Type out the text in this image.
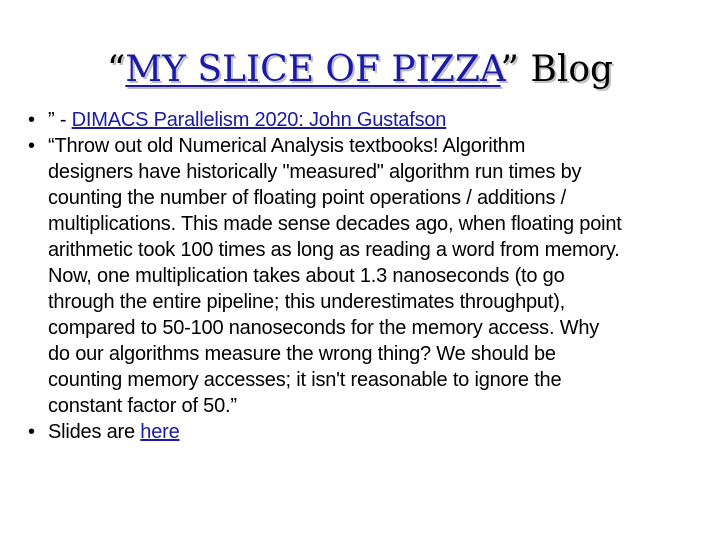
“MY SLICE OF PIZZA” Blog
• ” - DIMACS Parallelism 2020: John Gustafson
• “Throw out old Numerical Analysis textbooks! Algorithm
designers have historically "measured" algorithm run times by
counting the number of floating point operations / additions /
multiplications. This made sense decades ago, when floating point
arithmetic took 100 times as long as reading a word from memory.
Now, one multiplication takes about 1.3 nanoseconds (to go
through the entire pipeline; this underestimates throughput),
compared to 50-100 nanoseconds for the memory access. Why
do our algorithms measure the wrong thing? We should be
counting memory accesses; it isn't reasonable to ignore the
constant factor of 50.”
• Slides are here
